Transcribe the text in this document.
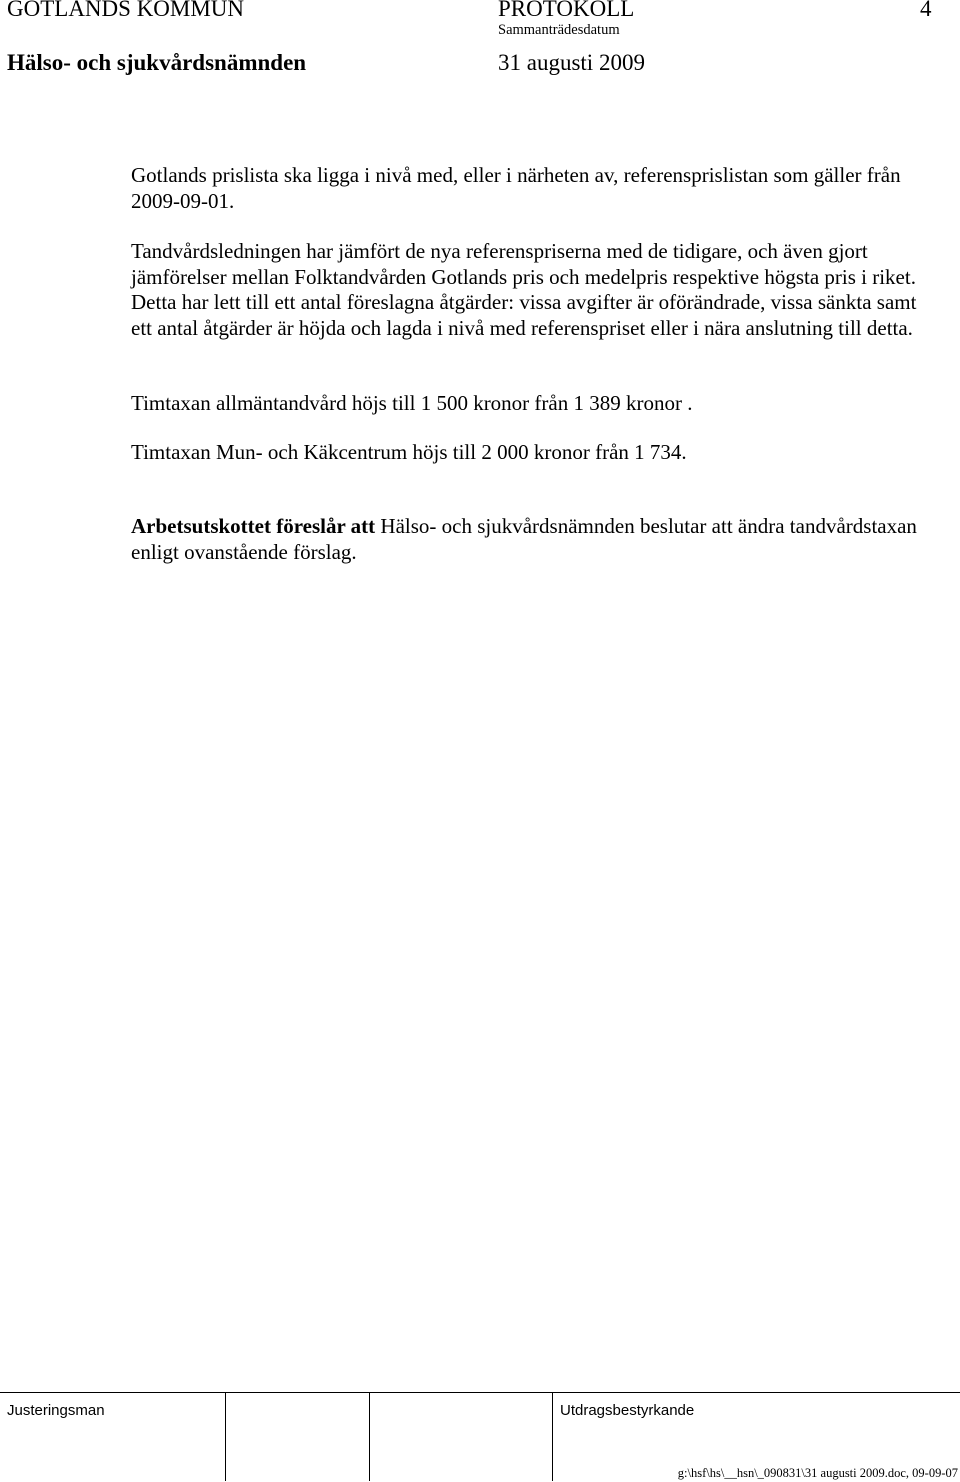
GOTLANDS KOMMUN	PROTOKOLL	4
Sammanträdesdatum
Hälso- och sjukvårdsnämnden	31 augusti 2009

Gotlands prislista ska ligga i nivå med, eller i närheten av, referensprislistan som gäller från 2009-09-01.

Tandvårdsledningen har jämfört de nya referenspriserna med de tidigare, och även gjort jämförelser mellan Folktandvården Gotlands pris och medelpris respektive högsta pris i riket. Detta har lett till ett antal föreslagna åtgärder: vissa avgifter är oförändrade, vissa sänkta samt ett antal åtgärder är höjda och lagda i nivå med referenspriset eller i nära anslutning till detta.

Timtaxan allmäntandvård höjs till 1 500 kronor från 1 389 kronor .

Timtaxan Mun- och Käkcentrum höjs till 2 000 kronor från 1 734.

Arbetsutskottet föreslår att Hälso- och sjukvårdsnämnden beslutar att ändra tandvårdstaxan enligt ovanstående förslag.

Justeringsman	Utdragsbestyrkande
g:\hsf\hs\__hsn\_090831\31 augusti 2009.doc, 09-09-07
